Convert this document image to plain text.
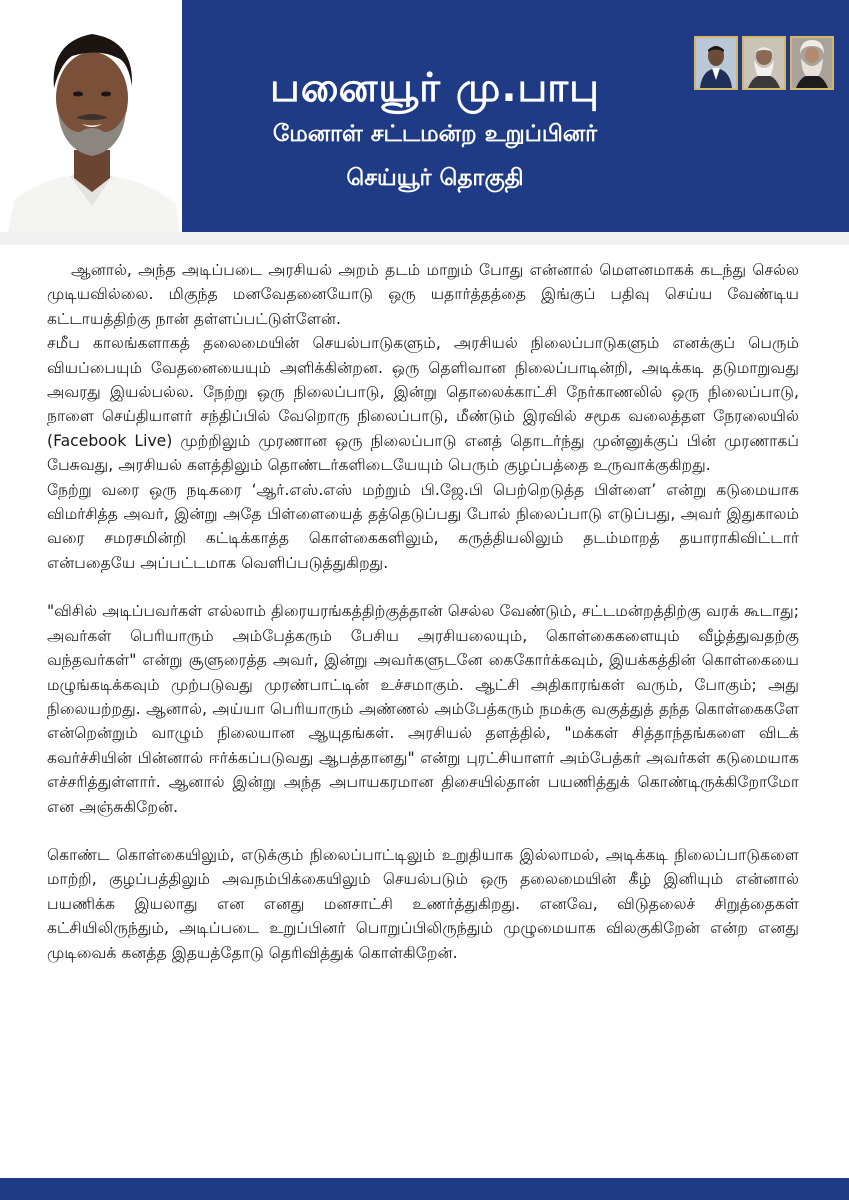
பனையூர் மு.பாபு
மேனாள் சட்டமன்ற உறுப்பினர்
செய்யூர் தொகுதி

ஆனால், அந்த அடிப்படை அரசியல் அறம் தடம் மாறும் போது என்னால் மௌனமாகக் கடந்து செல்ல முடியவில்லை. மிகுந்த மனவேதனையோடு ஒரு யதார்த்தத்தை இங்குப் பதிவு செய்ய வேண்டிய கட்டாயத்திற்கு நான் தள்ளப்பட்டுள்ளேன்.

சமீப காலங்களாகத் தலைமையின் செயல்பாடுகளும், அரசியல் நிலைப்பாடுகளும் எனக்குப் பெரும் வியப்பையும் வேதனையையும் அளிக்கின்றன. ஒரு தெளிவான நிலைப்பாடின்றி, அடிக்கடி தடுமாறுவது அவரது இயல்பல்ல. நேற்று ஒரு நிலைப்பாடு, இன்று தொலைக்காட்சி நேர்காணலில் ஒரு நிலைப்பாடு, நாளை செய்தியாளர் சந்திப்பில் வேறொரு நிலைப்பாடு, மீண்டும் இரவில் சமூக வலைத்தள நேரலையில் (Facebook Live) முற்றிலும் முரணான ஒரு நிலைப்பாடு எனத் தொடர்ந்து முன்னுக்குப் பின் முரணாகப் பேசுவது, அரசியல் களத்திலும் தொண்டர்களிடையேயும் பெரும் குழப்பத்தை உருவாக்குகிறது.

நேற்று வரை ஒரு நடிகரை ‘ஆர்.எஸ்.எஸ் மற்றும் பி.ஜே.பி பெற்றெடுத்த பிள்ளை’ என்று கடுமையாக விமர்சித்த அவர், இன்று அதே பிள்ளையைத் தத்தெடுப்பது போல் நிலைப்பாடு எடுப்பது, அவர் இதுகாலம் வரை சமரசமின்றி கட்டிக்காத்த கொள்கைகளிலும், கருத்தியலிலும் தடம்மாறத் தயாராகிவிட்டார் என்பதையே அப்பட்டமாக வெளிப்படுத்துகிறது.

"விசில் அடிப்பவர்கள் எல்லாம் திரையரங்கத்திற்குத்தான் செல்ல வேண்டும், சட்டமன்றத்திற்கு வரக் கூடாது; அவர்கள் பெரியாரும் அம்பேத்கரும் பேசிய அரசியலையும், கொள்கைகளையும் வீழ்த்துவதற்கு வந்தவர்கள்" என்று சூளுரைத்த அவர், இன்று அவர்களுடனே கைகோர்க்கவும், இயக்கத்தின் கொள்கையை மழுங்கடிக்கவும் முற்படுவது முரண்பாட்டின் உச்சமாகும். ஆட்சி அதிகாரங்கள் வரும், போகும்; அது நிலையற்றது. ஆனால், அய்யா பெரியாரும் அண்ணல் அம்பேத்கரும் நமக்கு வகுத்துத் தந்த கொள்கைகளே என்றென்றும் வாழும் நிலையான ஆயுதங்கள். அரசியல் தளத்தில், "மக்கள் சித்தாந்தங்களை விடக் கவர்ச்சியின் பின்னால் ஈர்க்கப்படுவது ஆபத்தானது" என்று புரட்சியாளர் அம்பேத்கர் அவர்கள் கடுமையாக எச்சரித்துள்ளார். ஆனால் இன்று அந்த அபாயகரமான திசையில்தான் பயணித்துக் கொண்டிருக்கிறோமோ என அஞ்சுகிறேன்.

கொண்ட கொள்கையிலும், எடுக்கும் நிலைப்பாட்டிலும் உறுதியாக இல்லாமல், அடிக்கடி நிலைப்பாடுகளை மாற்றி, குழப்பத்திலும் அவநம்பிக்கையிலும் செயல்படும் ஒரு தலைமையின் கீழ் இனியும் என்னால் பயணிக்க இயலாது என எனது மனசாட்சி உணர்த்துகிறது. எனவே, விடுதலைச் சிறுத்தைகள் கட்சியிலிருந்தும், அடிப்படை உறுப்பினர் பொறுப்பிலிருந்தும் முழுமையாக விலகுகிறேன் என்ற எனது முடிவைக் கனத்த இதயத்தோடு தெரிவித்துக் கொள்கிறேன்.
